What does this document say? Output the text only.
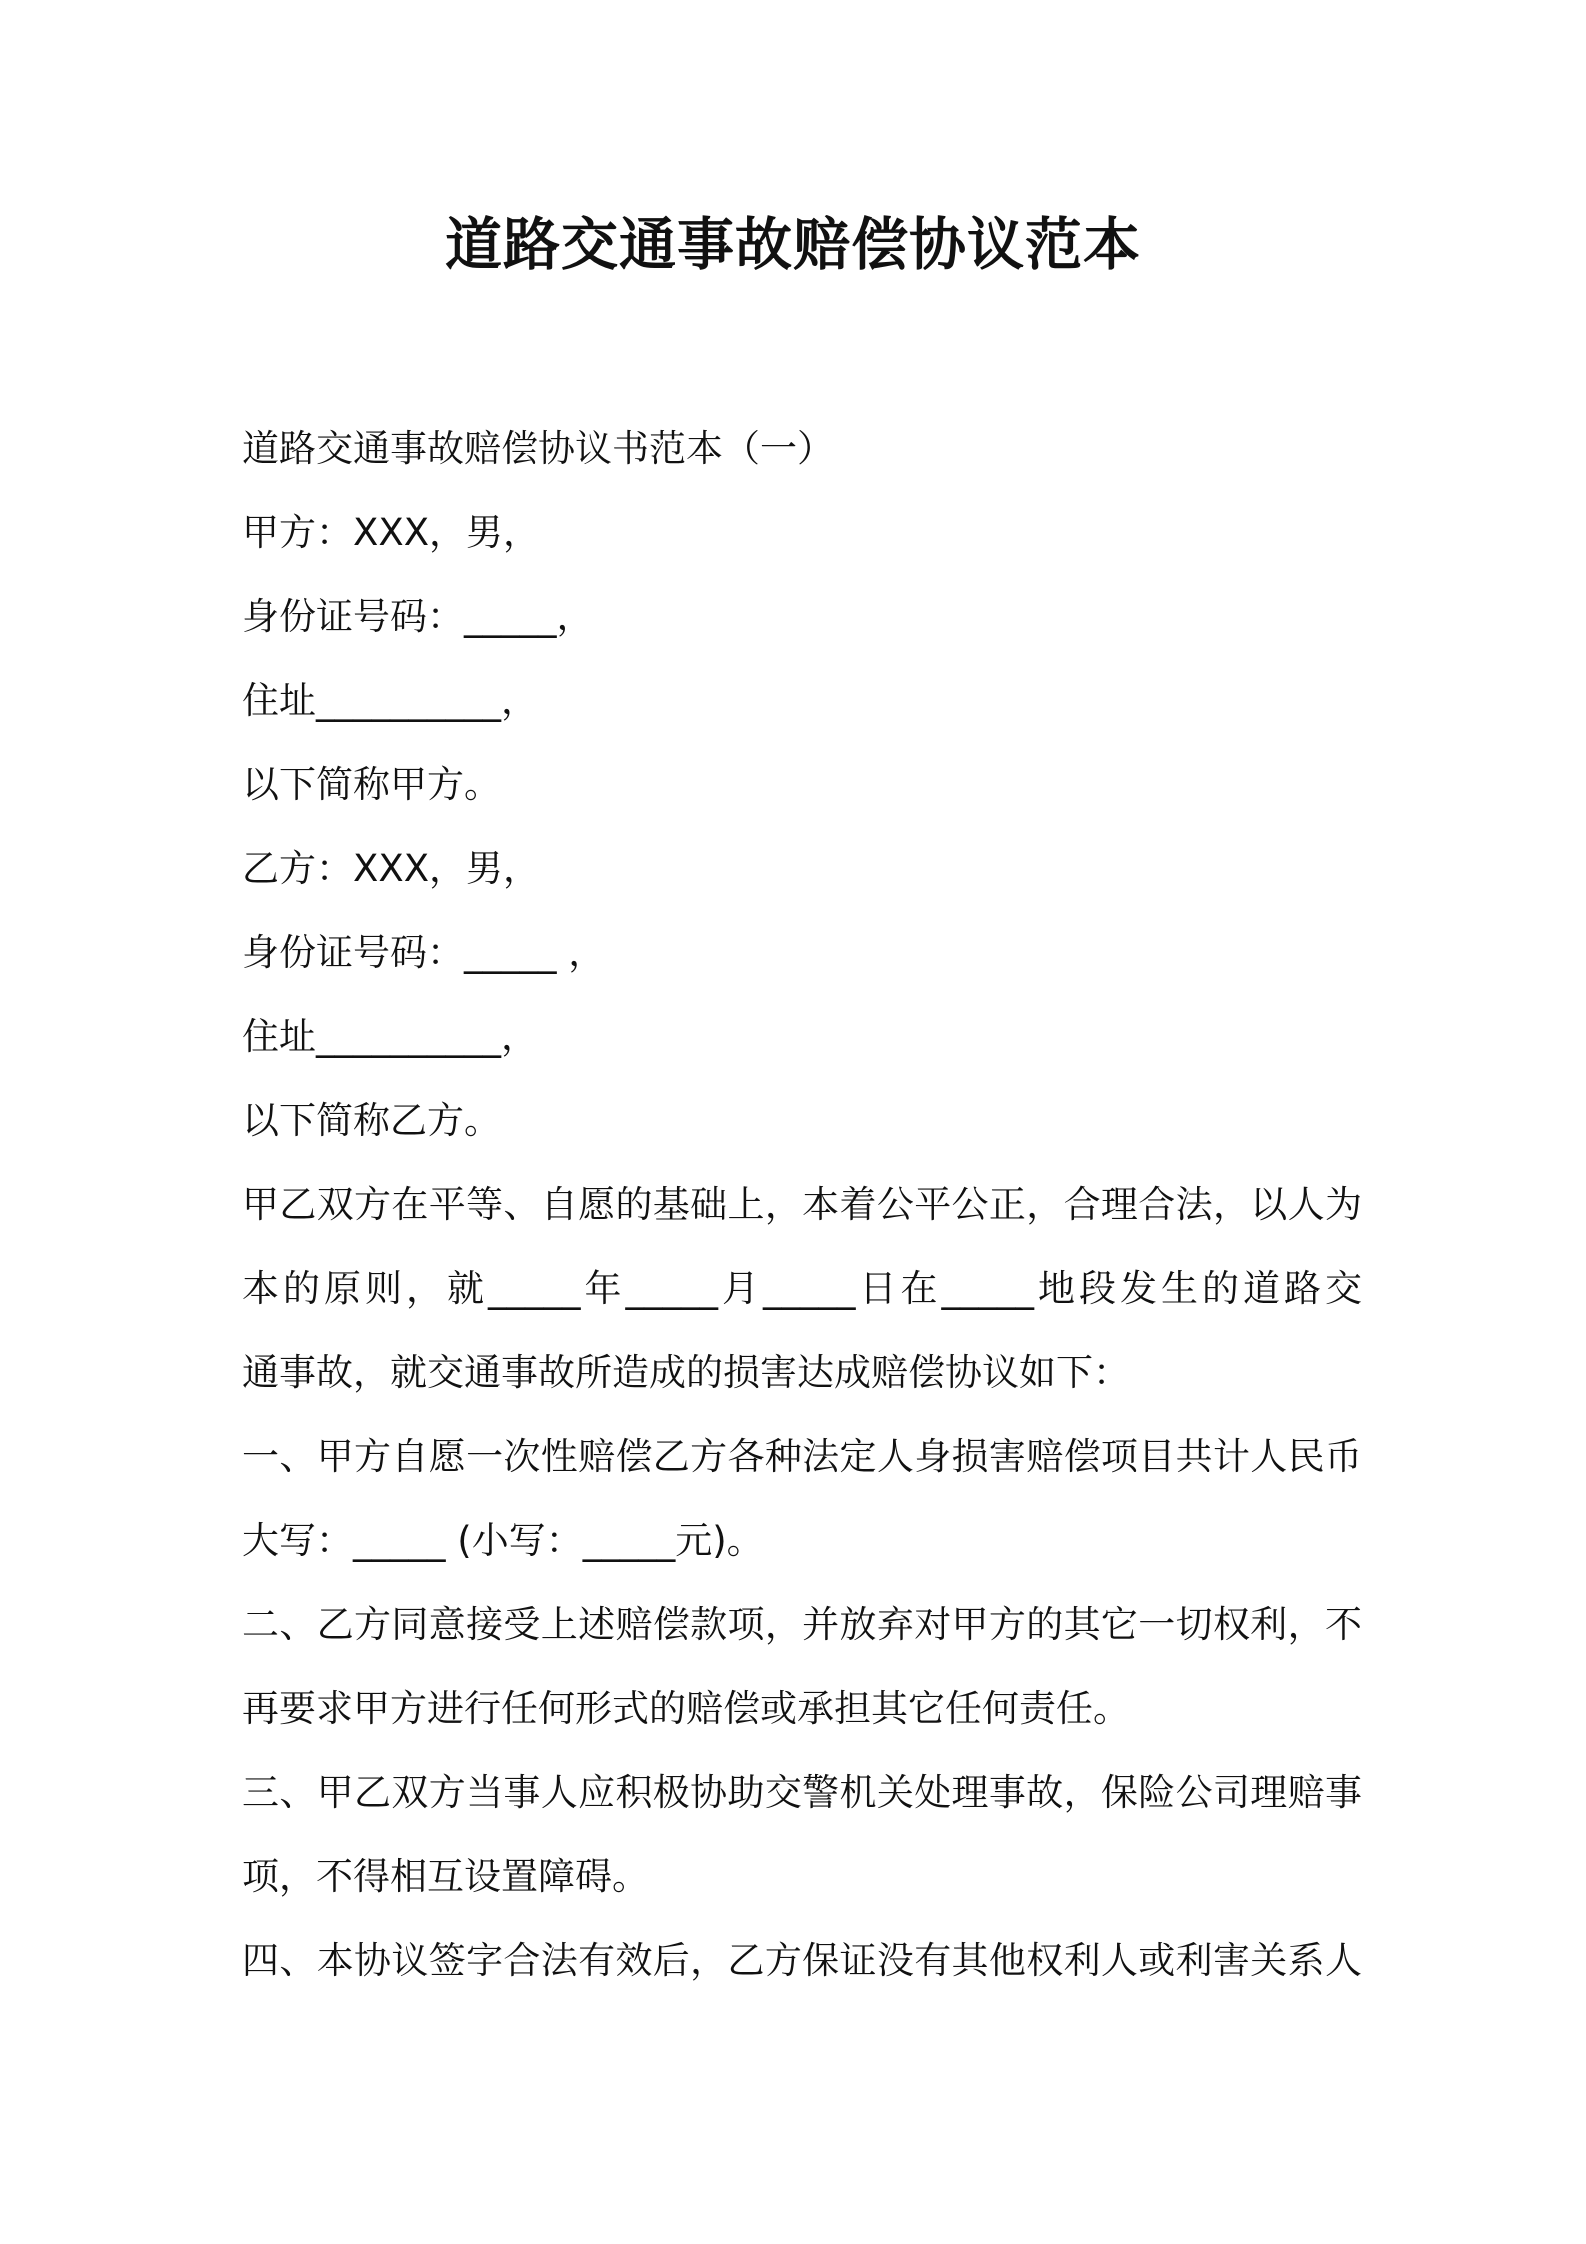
道路交通事故赔偿协议范本
道路交通事故赔偿协议书范本（一）
甲方：XXX，男，
身份证号码：_____，
住址__________，
以下简称甲方。
乙方：XXX，男，
身份证号码：_____ ，
住址__________，
以下简称乙方。
甲乙双方在平等、自愿的基础上，本着公平公正，合理合法，以人为
本的原则，就_____年_____月_____日在_____地段发生的道路交
通事故，就交通事故所造成的损害达成赔偿协议如下：
一、甲方自愿一次性赔偿乙方各种法定人身损害赔偿项目共计人民币
大写：_____ (小写：_____元)。
二、乙方同意接受上述赔偿款项，并放弃对甲方的其它一切权利，不
再要求甲方进行任何形式的赔偿或承担其它任何责任。
三、甲乙双方当事人应积极协助交警机关处理事故，保险公司理赔事
项，不得相互设置障碍。
四、本协议签字合法有效后，乙方保证没有其他权利人或利害关系人
